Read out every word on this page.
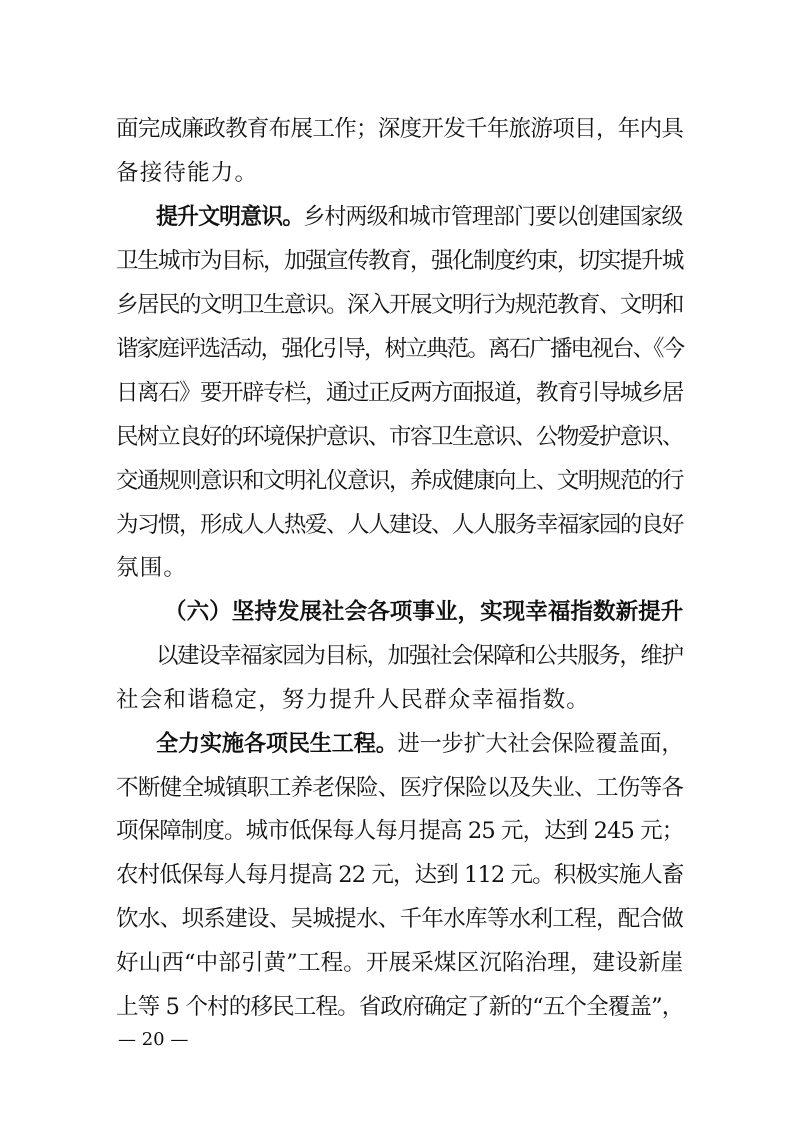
面完成廉政教育布展工作；深度开发千年旅游项目，年内具
备接待能力。
提升文明意识。乡村两级和城市管理部门要以创建国家级
卫生城市为目标，加强宣传教育，强化制度约束，切实提升城
乡居民的文明卫生意识。深入开展文明行为规范教育、文明和
谐家庭评选活动，强化引导，树立典范。离石广播电视台、《今
日离石》要开辟专栏，通过正反两方面报道，教育引导城乡居
民树立良好的环境保护意识、市容卫生意识、公物爱护意识、
交通规则意识和文明礼仪意识，养成健康向上、文明规范的行
为习惯，形成人人热爱、人人建设、人人服务幸福家园的良好
氛围。
（六）坚持发展社会各项事业，实现幸福指数新提升
以建设幸福家园为目标，加强社会保障和公共服务，维护
社会和谐稳定，努力提升人民群众幸福指数。
全力实施各项民生工程。进一步扩大社会保险覆盖面，
不断健全城镇职工养老保险、医疗保险以及失业、工伤等各
项保障制度。城市低保每人每月提高 25 元，达到 245 元；
农村低保每人每月提高 22 元，达到 112 元。积极实施人畜
饮水、坝系建设、吴城提水、千年水库等水利工程，配合做
好山西“中部引黄”工程。开展采煤区沉陷治理，建设新崖
上等 5 个村的移民工程。省政府确定了新的“五个全覆盖”，
— 20 —
